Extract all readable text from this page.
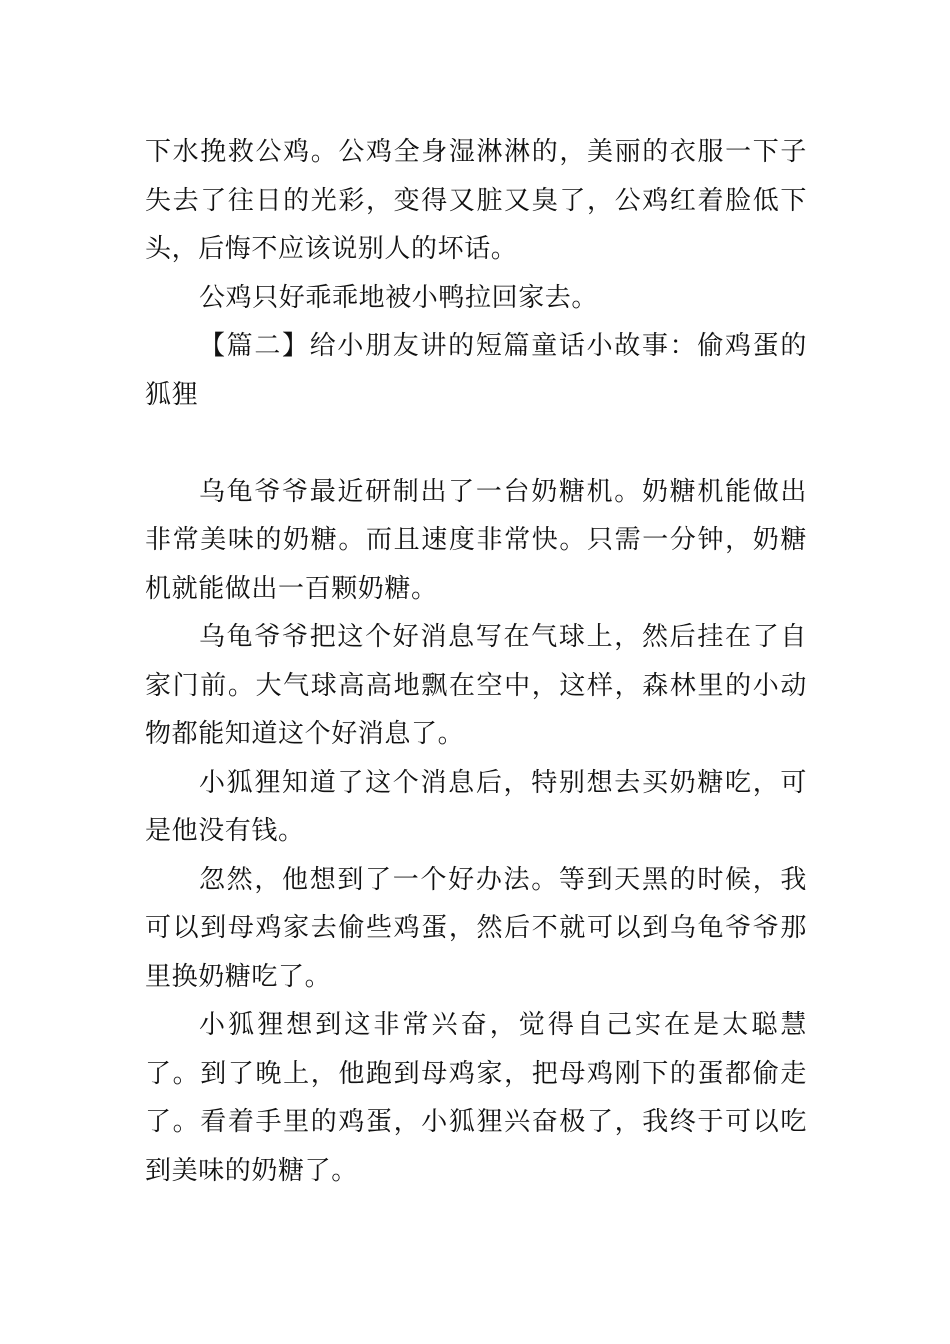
下水挽救公鸡。公鸡全身湿淋淋的，美丽的衣服一下子失去了往日的光彩，变得又脏又臭了，公鸡红着脸低下头，后悔不应该说别人的坏话。

公鸡只好乖乖地被小鸭拉回家去。

【篇二】给小朋友讲的短篇童话小故事：偷鸡蛋的狐狸

乌龟爷爷最近研制出了一台奶糖机。奶糖机能做出非常美味的奶糖。而且速度非常快。只需一分钟，奶糖机就能做出一百颗奶糖。

乌龟爷爷把这个好消息写在气球上，然后挂在了自家门前。大气球高高地飘在空中，这样，森林里的小动物都能知道这个好消息了。

小狐狸知道了这个消息后，特别想去买奶糖吃，可是他没有钱。

忽然，他想到了一个好办法。等到天黑的时候，我可以到母鸡家去偷些鸡蛋，然后不就可以到乌龟爷爷那里换奶糖吃了。

小狐狸想到这非常兴奋，觉得自己实在是太聪慧了。到了晚上，他跑到母鸡家，把母鸡刚下的蛋都偷走了。看着手里的鸡蛋，小狐狸兴奋极了，我终于可以吃到美味的奶糖了。
